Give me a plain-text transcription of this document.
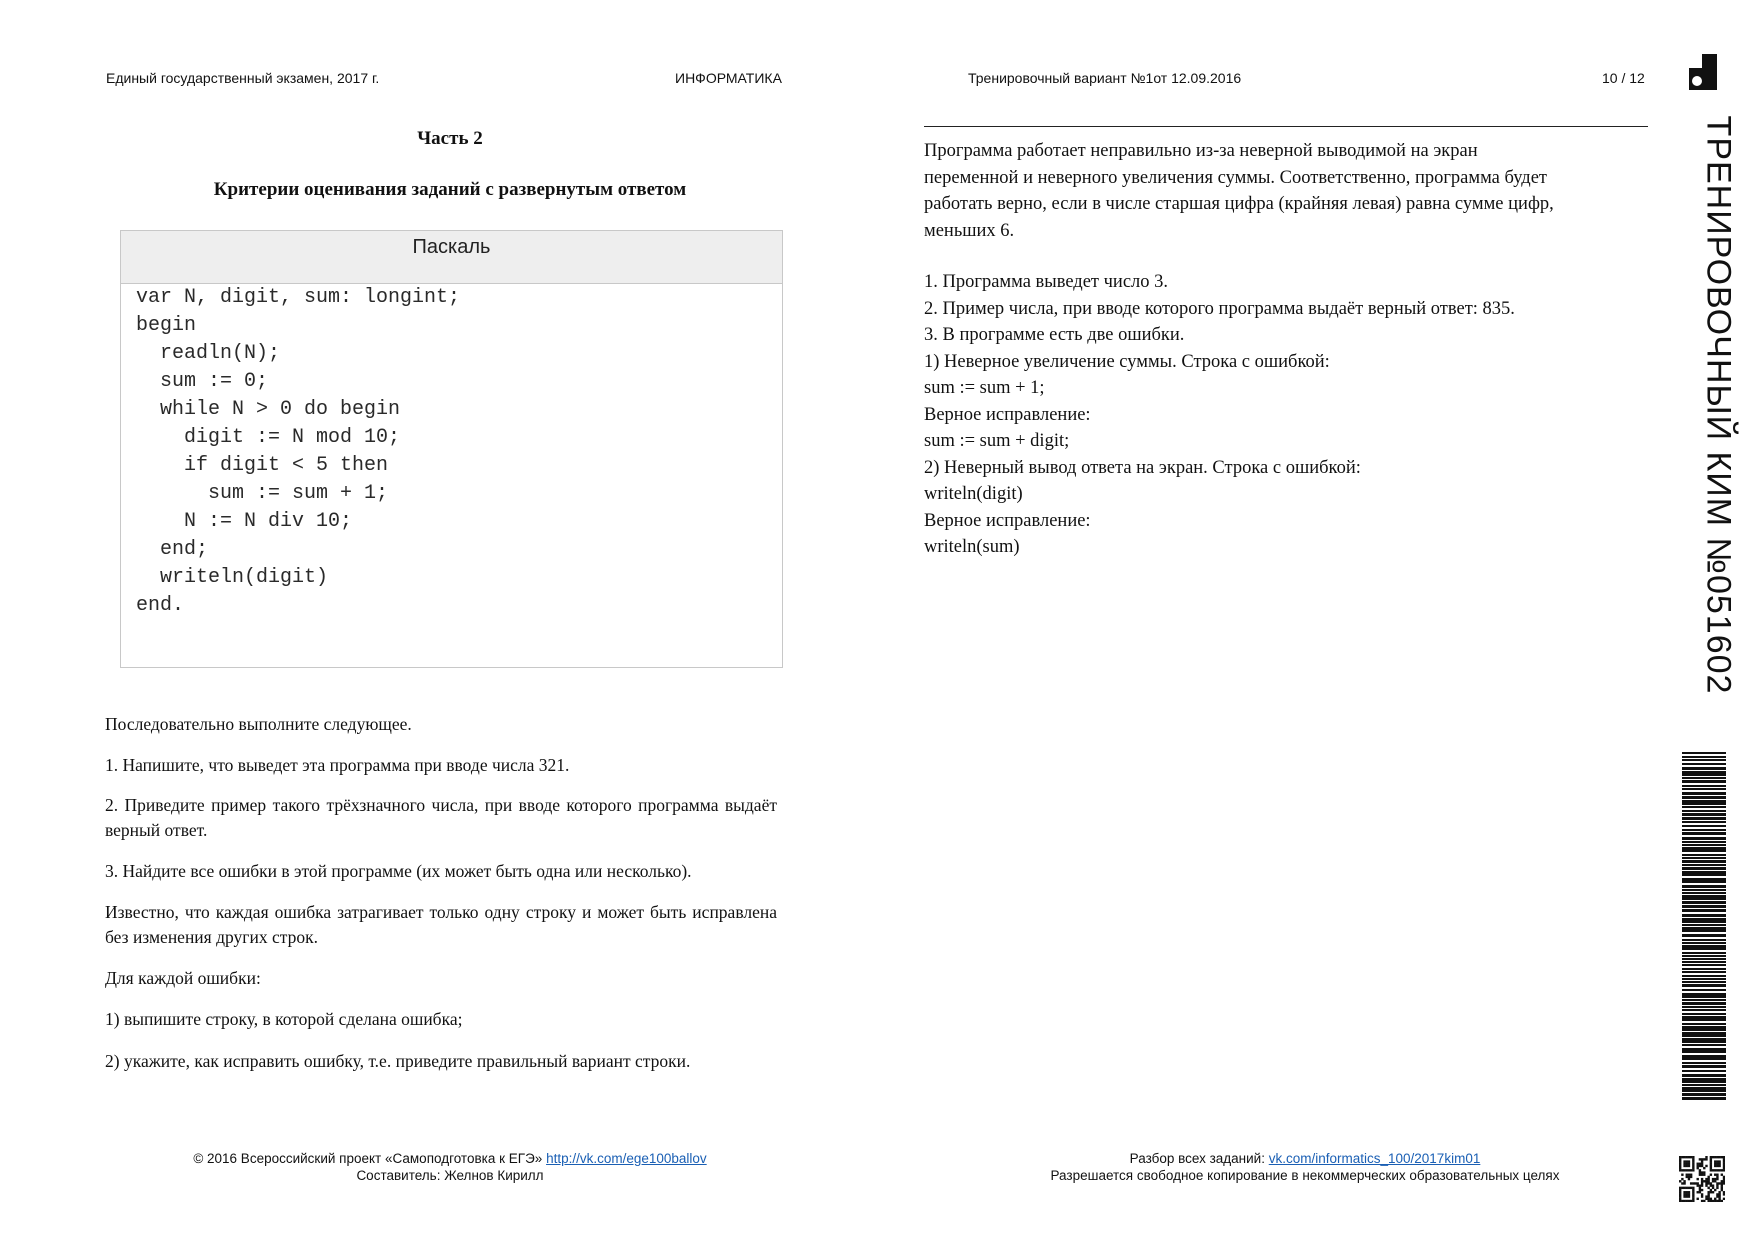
Единый государственный экзамен, 2017 г.	ИНФОРМАТИКА	Тренировочный вариант №1от 12.09.2016	10 / 12
Часть 2
Критерии оценивания заданий с развернутым ответом
Паскаль
var N, digit, sum: longint;
begin
readln(N);
sum := 0;
while N > 0 do begin
digit := N mod 10;
if digit < 5 then
sum := sum + 1;
N := N div 10;
end;
writeln(digit)
end.
Последовательно выполните следующее.
1. Напишите, что выведет эта программа при вводе числа 321.
2. Приведите пример такого трёхзначного числа, при вводе которого программа выдаёт верный ответ.
3. Найдите все ошибки в этой программе (их может быть одна или несколько).
Известно, что каждая ошибка затрагивает только одну строку и может быть исправлена без изменения других строк.
Для каждой ошибки:
1) выпишите строку, в которой сделана ошибка;
2) укажите, как исправить ошибку, т.е. приведите правильный вариант строки.
Программа работает неправильно из-за неверной выводимой на экран
переменной и неверного увеличения суммы. Соответственно, программа будет
работать верно, если в числе старшая цифра (крайняя левая) равна сумме цифр,
меньших 6.
1. Программа выведет число 3.
2. Пример числа, при вводе которого программа выдаёт верный ответ: 835.
3. В программе есть две ошибки.
1) Неверное увеличение суммы. Строка с ошибкой:
sum := sum + 1;
Верное исправление:
sum := sum + digit;
2) Неверный вывод ответа на экран. Строка с ошибкой:
writeln(digit)
Верное исправление:
writeln(sum)
© 2016 Всероссийский проект «Самоподготовка к ЕГЭ» http://vk.com/ege100ballov
Составитель: Желнов Кирилл
Разбор всех заданий: vk.com/informatics_100/2017kim01
Разрешается свободное копирование в некоммерческих образовательных целях
ТРЕНИРОВОЧНЫЙ КИМ №051602
